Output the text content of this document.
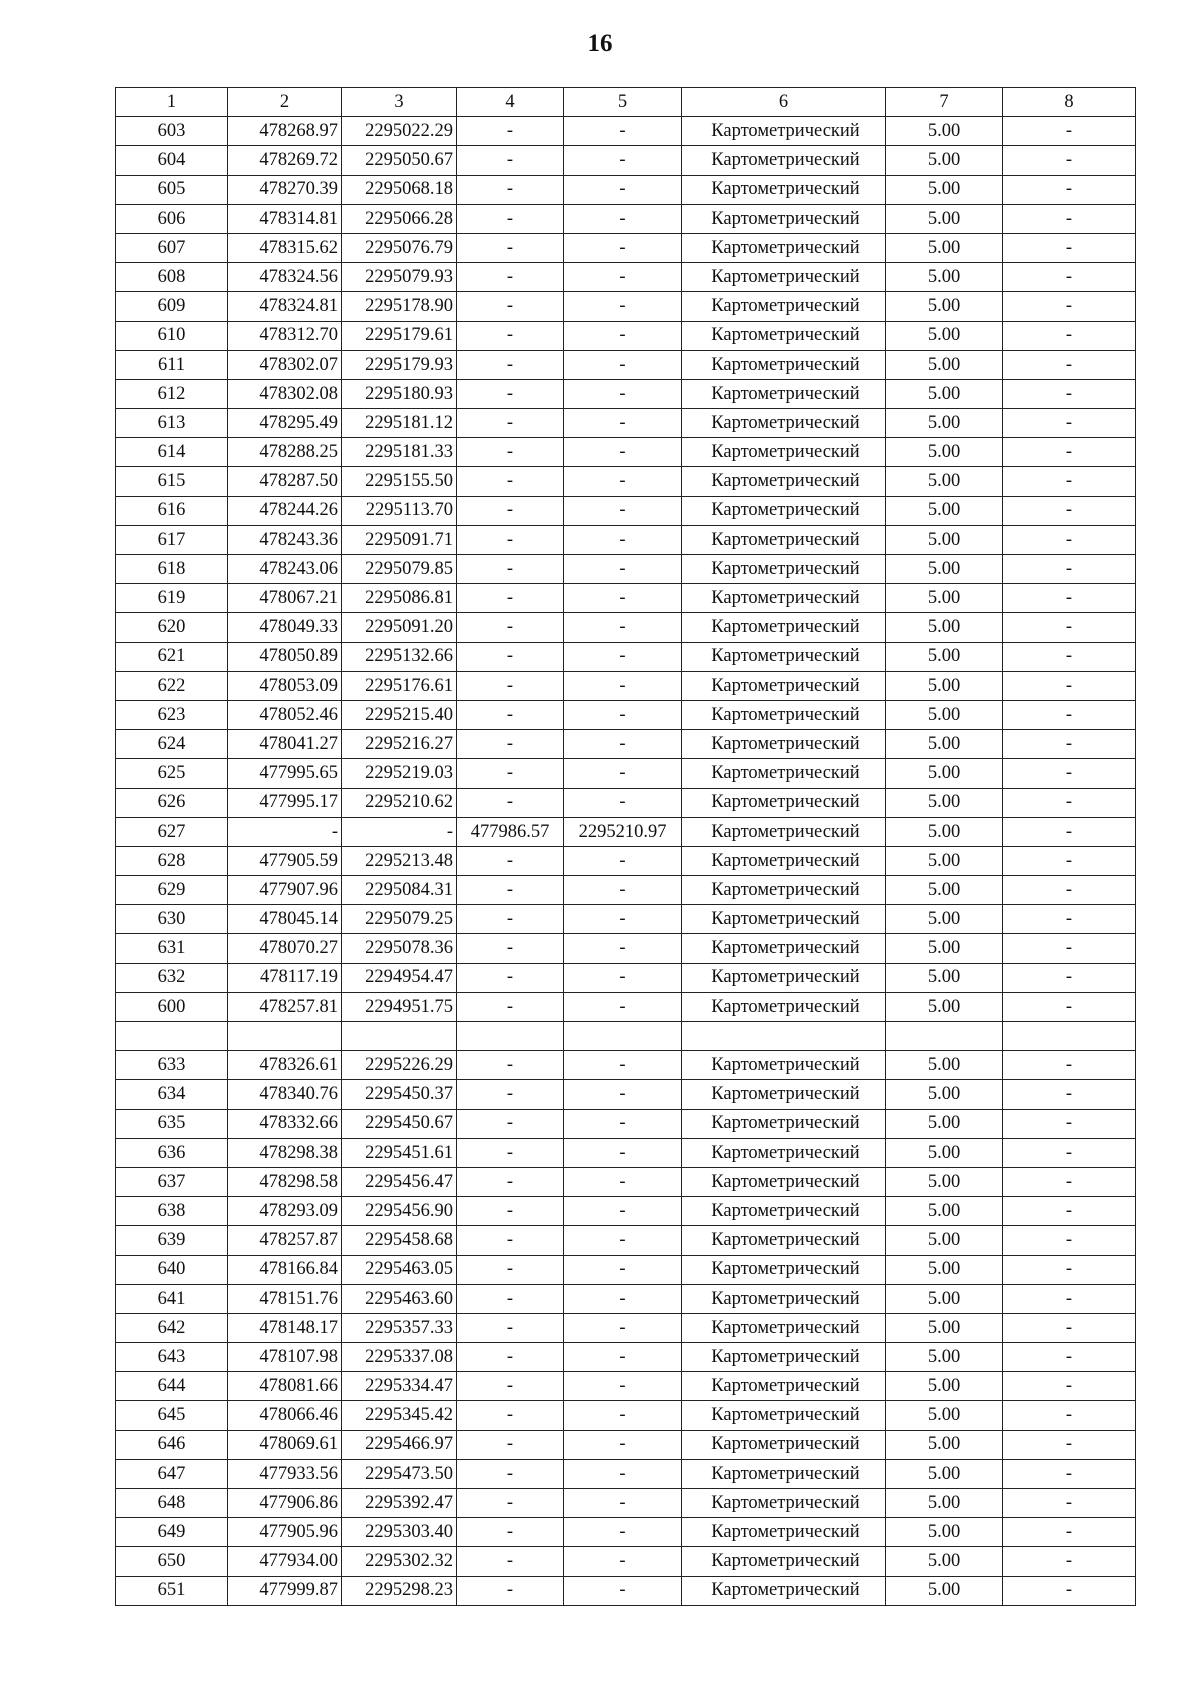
16
1	2	3	4	5	6	7	8
603	478268.97	2295022.29	-	-	Картометрический	5.00	-
604	478269.72	2295050.67	-	-	Картометрический	5.00	-
605	478270.39	2295068.18	-	-	Картометрический	5.00	-
606	478314.81	2295066.28	-	-	Картометрический	5.00	-
607	478315.62	2295076.79	-	-	Картометрический	5.00	-
608	478324.56	2295079.93	-	-	Картометрический	5.00	-
609	478324.81	2295178.90	-	-	Картометрический	5.00	-
610	478312.70	2295179.61	-	-	Картометрический	5.00	-
611	478302.07	2295179.93	-	-	Картометрический	5.00	-
612	478302.08	2295180.93	-	-	Картометрический	5.00	-
613	478295.49	2295181.12	-	-	Картометрический	5.00	-
614	478288.25	2295181.33	-	-	Картометрический	5.00	-
615	478287.50	2295155.50	-	-	Картометрический	5.00	-
616	478244.26	2295113.70	-	-	Картометрический	5.00	-
617	478243.36	2295091.71	-	-	Картометрический	5.00	-
618	478243.06	2295079.85	-	-	Картометрический	5.00	-
619	478067.21	2295086.81	-	-	Картометрический	5.00	-
620	478049.33	2295091.20	-	-	Картометрический	5.00	-
621	478050.89	2295132.66	-	-	Картометрический	5.00	-
622	478053.09	2295176.61	-	-	Картометрический	5.00	-
623	478052.46	2295215.40	-	-	Картометрический	5.00	-
624	478041.27	2295216.27	-	-	Картометрический	5.00	-
625	477995.65	2295219.03	-	-	Картометрический	5.00	-
626	477995.17	2295210.62	-	-	Картометрический	5.00	-
627	-	-	477986.57	2295210.97	Картометрический	5.00	-
628	477905.59	2295213.48	-	-	Картометрический	5.00	-
629	477907.96	2295084.31	-	-	Картометрический	5.00	-
630	478045.14	2295079.25	-	-	Картометрический	5.00	-
631	478070.27	2295078.36	-	-	Картометрический	5.00	-
632	478117.19	2294954.47	-	-	Картометрический	5.00	-
600	478257.81	2294951.75	-	-	Картометрический	5.00	-

633	478326.61	2295226.29	-	-	Картометрический	5.00	-
634	478340.76	2295450.37	-	-	Картометрический	5.00	-
635	478332.66	2295450.67	-	-	Картометрический	5.00	-
636	478298.38	2295451.61	-	-	Картометрический	5.00	-
637	478298.58	2295456.47	-	-	Картометрический	5.00	-
638	478293.09	2295456.90	-	-	Картометрический	5.00	-
639	478257.87	2295458.68	-	-	Картометрический	5.00	-
640	478166.84	2295463.05	-	-	Картометрический	5.00	-
641	478151.76	2295463.60	-	-	Картометрический	5.00	-
642	478148.17	2295357.33	-	-	Картометрический	5.00	-
643	478107.98	2295337.08	-	-	Картометрический	5.00	-
644	478081.66	2295334.47	-	-	Картометрический	5.00	-
645	478066.46	2295345.42	-	-	Картометрический	5.00	-
646	478069.61	2295466.97	-	-	Картометрический	5.00	-
647	477933.56	2295473.50	-	-	Картометрический	5.00	-
648	477906.86	2295392.47	-	-	Картометрический	5.00	-
649	477905.96	2295303.40	-	-	Картометрический	5.00	-
650	477934.00	2295302.32	-	-	Картометрический	5.00	-
651	477999.87	2295298.23	-	-	Картометрический	5.00	-
